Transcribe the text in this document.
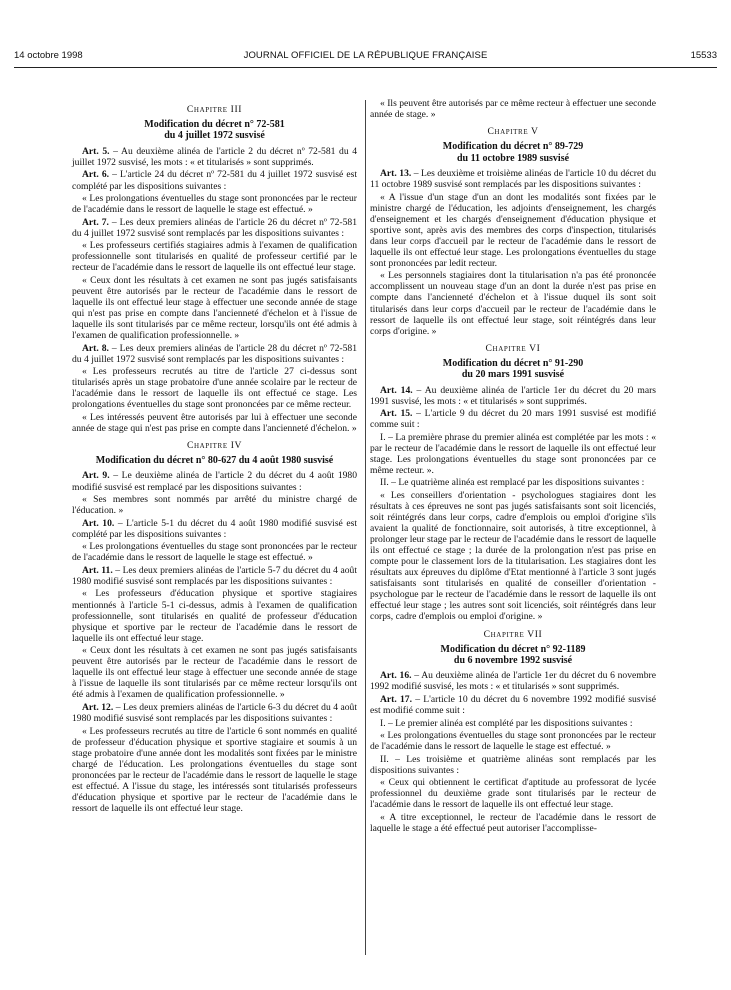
14 octobre 1998	JOURNAL OFFICIEL DE LA RÉPUBLIQUE FRANÇAISE	15533
Chapitre III
Modification du décret n° 72-581
du 4 juillet 1972 susvisé

Art. 5. – Au deuxième alinéa de l'article 2 du décret nº 72-581 du 4 juillet 1972 susvisé, les mots : « et titularisés » sont supprimés.

Art. 6. – L'article 24 du décret nº 72-581 du 4 juillet 1972 susvisé est complété par les dispositions suivantes :

« Les prolongations éventuelles du stage sont prononcées par le recteur de l'académie dans le ressort de laquelle le stage est effectué. »

Art. 7. – Les deux premiers alinéas de l'article 26 du décret nº 72-581 du 4 juillet 1972 susvisé sont remplacés par les dispositions suivantes :

« Les professeurs certifiés stagiaires admis à l'examen de qualification professionnelle sont titularisés en qualité de professeur certifié par le recteur de l'académie dans le ressort de laquelle ils ont effectué leur stage.

« Ceux dont les résultats à cet examen ne sont pas jugés satisfaisants peuvent être autorisés par le recteur de l'académie dans le ressort de laquelle ils ont effectué leur stage à effectuer une seconde année de stage qui n'est pas prise en compte dans l'ancienneté d'échelon et à l'issue de laquelle ils sont titularisés par ce même recteur, lorsqu'ils ont été admis à l'examen de qualification professionnelle. »

Art. 8. – Les deux premiers alinéas de l'article 28 du décret nº 72-581 du 4 juillet 1972 susvisé sont remplacés par les dispositions suivantes :

« Les professeurs recrutés au titre de l'article 27 ci-dessus sont titularisés après un stage probatoire d'une année scolaire par le recteur de l'académie dans le ressort de laquelle ils ont effectué ce stage. Les prolongations éventuelles du stage sont prononcées par ce même recteur.

« Les intéressés peuvent être autorisés par lui à effectuer une seconde année de stage qui n'est pas prise en compte dans l'ancienneté d'échelon. »

Chapitre IV
Modification du décret n° 80-627 du 4 août 1980 susvisé

Art. 9. – Le deuxième alinéa de l'article 2 du décret du 4 août 1980 modifié susvisé est remplacé par les dispositions suivantes :

« Ses membres sont nommés par arrêté du ministre chargé de l'éducation. »

Art. 10. – L'article 5-1 du décret du 4 août 1980 modifié susvisé est complété par les dispositions suivantes :

« Les prolongations éventuelles du stage sont prononcées par le recteur de l'académie dans le ressort de laquelle le stage est effectué. »

Art. 11. – Les deux premiers alinéas de l'article 5-7 du décret du 4 août 1980 modifié susvisé sont remplacés par les dispositions suivantes :

« Les professeurs d'éducation physique et sportive stagiaires mentionnés à l'article 5-1 ci-dessus, admis à l'examen de qualification professionnelle, sont titularisés en qualité de professeur d'éducation physique et sportive par le recteur de l'académie dans le ressort de laquelle ils ont effectué leur stage.

« Ceux dont les résultats à cet examen ne sont pas jugés satisfaisants peuvent être autorisés par le recteur de l'académie dans le ressort de laquelle ils ont effectué leur stage à effectuer une seconde année de stage à l'issue de laquelle ils sont titularisés par ce même recteur lorsqu'ils ont été admis à l'examen de qualification professionnelle. »

Art. 12. – Les deux premiers alinéas de l'article 6-3 du décret du 4 août 1980 modifié susvisé sont remplacés par les dispositions suivantes :

« Les professeurs recrutés au titre de l'article 6 sont nommés en qualité de professeur d'éducation physique et sportive stagiaire et soumis à un stage probatoire d'une année dont les modalités sont fixées par le ministre chargé de l'éducation. Les prolongations éventuelles du stage sont prononcées par le recteur de l'académie dans le ressort de laquelle le stage est effectué. A l'issue du stage, les intéressés sont titularisés professeurs d'éducation physique et sportive par le recteur de l'académie dans le ressort de laquelle ils ont effectué leur stage.

« Ils peuvent être autorisés par ce même recteur à effectuer une seconde année de stage. »

Chapitre V
Modification du décret n° 89-729
du 11 octobre 1989 susvisé

Art. 13. – Les deuxième et troisième alinéas de l'article 10 du décret du 11 octobre 1989 susvisé sont remplacés par les dispositions suivantes :

« A l'issue d'un stage d'un an dont les modalités sont fixées par le ministre chargé de l'éducation, les adjoints d'enseignement, les chargés d'enseignement et les chargés d'enseignement d'éducation physique et sportive sont, après avis des membres des corps d'inspection, titularisés dans leur corps d'accueil par le recteur de l'académie dans le ressort de laquelle ils ont effectué leur stage. Les prolongations éventuelles du stage sont prononcées par ledit recteur.

« Les personnels stagiaires dont la titularisation n'a pas été prononcée accomplissent un nouveau stage d'un an dont la durée n'est pas prise en compte dans l'ancienneté d'échelon et à l'issue duquel ils sont soit titularisés dans leur corps d'accueil par le recteur de l'académie dans le ressort de laquelle ils ont effectué leur stage, soit réintégrés dans leur corps d'origine. »

Chapitre VI
Modification du décret n° 91-290
du 20 mars 1991 susvisé

Art. 14. – Au deuxième alinéa de l'article 1er du décret du 20 mars 1991 susvisé, les mots : « et titularisés » sont supprimés.

Art. 15. – L'article 9 du décret du 20 mars 1991 susvisé est modifié comme suit :

I. – La première phrase du premier alinéa est complétée par les mots : « par le recteur de l'académie dans le ressort de laquelle ils ont effectué leur stage. Les prolongations éventuelles du stage sont prononcées par ce même recteur. ».

II. – Le quatrième alinéa est remplacé par les dispositions suivantes :

« Les conseillers d'orientation - psychologues stagiaires dont les résultats à ces épreuves ne sont pas jugés satisfaisants sont soit licenciés, soit réintégrés dans leur corps, cadre d'emplois ou emploi d'origine s'ils avaient la qualité de fonctionnaire, soit autorisés, à titre exceptionnel, à prolonger leur stage par le recteur de l'académie dans le ressort de laquelle ils ont effectué ce stage ; la durée de la prolongation n'est pas prise en compte pour le classement lors de la titularisation. Les stagiaires dont les résultats aux épreuves du diplôme d'Etat mentionné à l'article 3 sont jugés satisfaisants sont titularisés en qualité de conseiller d'orientation - psychologue par le recteur de l'académie dans le ressort de laquelle ils ont effectué leur stage ; les autres sont soit licenciés, soit réintégrés dans leur corps, cadre d'emplois ou emploi d'origine. »

Chapitre VII
Modification du décret n° 92-1189
du 6 novembre 1992 susvisé

Art. 16. – Au deuxième alinéa de l'article 1er du décret du 6 novembre 1992 modifié susvisé, les mots : « et titularisés » sont supprimés.

Art. 17. – L'article 10 du décret du 6 novembre 1992 modifié susvisé est modifié comme suit :

I. – Le premier alinéa est complété par les dispositions suivantes :

« Les prolongations éventuelles du stage sont prononcées par le recteur de l'académie dans le ressort de laquelle le stage est effectué. »

II. – Les troisième et quatrième alinéas sont remplacés par les dispositions suivantes :

« Ceux qui obtiennent le certificat d'aptitude au professorat de lycée professionnel du deuxième grade sont titularisés par le recteur de l'académie dans le ressort de laquelle ils ont effectué leur stage.

« A titre exceptionnel, le recteur de l'académie dans le ressort de laquelle le stage a été effectué peut autoriser l'accomplisse-
